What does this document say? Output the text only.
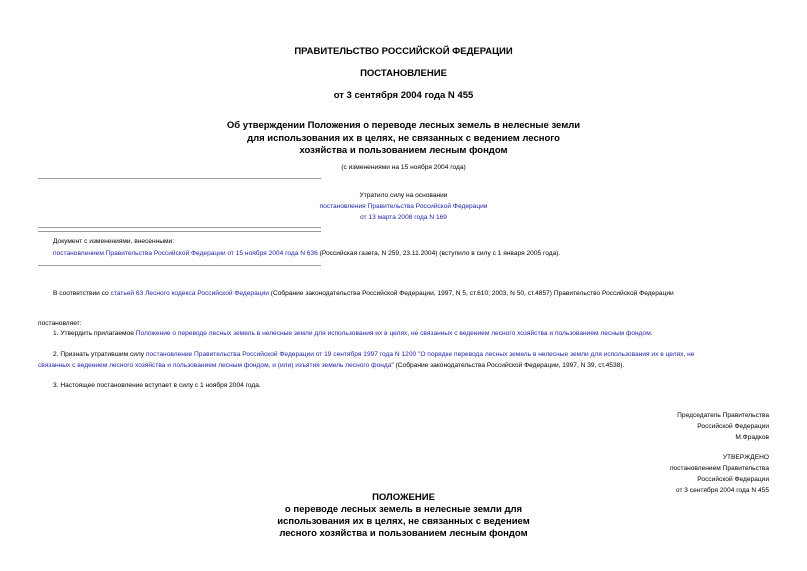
ПРАВИТЕЛЬСТВО РОССИЙСКОЙ ФЕДЕРАЦИИ
ПОСТАНОВЛЕНИЕ
от 3 сентября 2004 года N 455
Об утверждении Положения о переводе лесных земель в нелесные земли
для использования их в целях, не связанных с ведением лесного
хозяйства и пользованием лесным фондом
(с изменениями на 15 ноября 2004 года)
Утратило силу на основании
постановления Правительства Российской Федерации
от 13 марта 2008 года N 169
Документ с изменениями, внесенными:
постановлением Правительства Российской Федерации от 15 ноября 2004 года N 636 (Российская газета, N 259, 23.11.2004) (вступило в силу с 1 января 2005 года).
В соответствии со статьей 63 Лесного кодекса Российской Федерации (Собрание законодательства Российской Федерации, 1997, N 5, ст.610; 2003, N 50, ст.4857) Правительство Российской Федерации
постановляет:
1. Утвердить прилагаемое Положение о переводе лесных земель в нелесные земли для использования их в целях, не связанных с ведением лесного хозяйства и пользованием лесным фондом.
2. Признать утратившим силу постановление Правительства Российской Федерации от 19 сентября 1997 года N 1200 "О порядке перевода лесных земель в нелесные земли для использования их в целях, не
связанных с ведением лесного хозяйства и пользованием лесным фондом, и (или) изъятия земель лесного фонда" (Собрание законодательства Российской Федерации, 1997, N 39, ст.4538).
3. Настоящее постановление вступает в силу с 1 ноября 2004 года.
Председатель Правительства
Российской Федерации
М.Фрадков
УТВЕРЖДЕНО
постановлением Правительства
Российской Федерации
от 3 сентября 2004 года N 455
ПОЛОЖЕНИЕ
о переводе лесных земель в нелесные земли для
использования их в целях, не связанных с ведением
лесного хозяйства и пользованием лесным фондом
